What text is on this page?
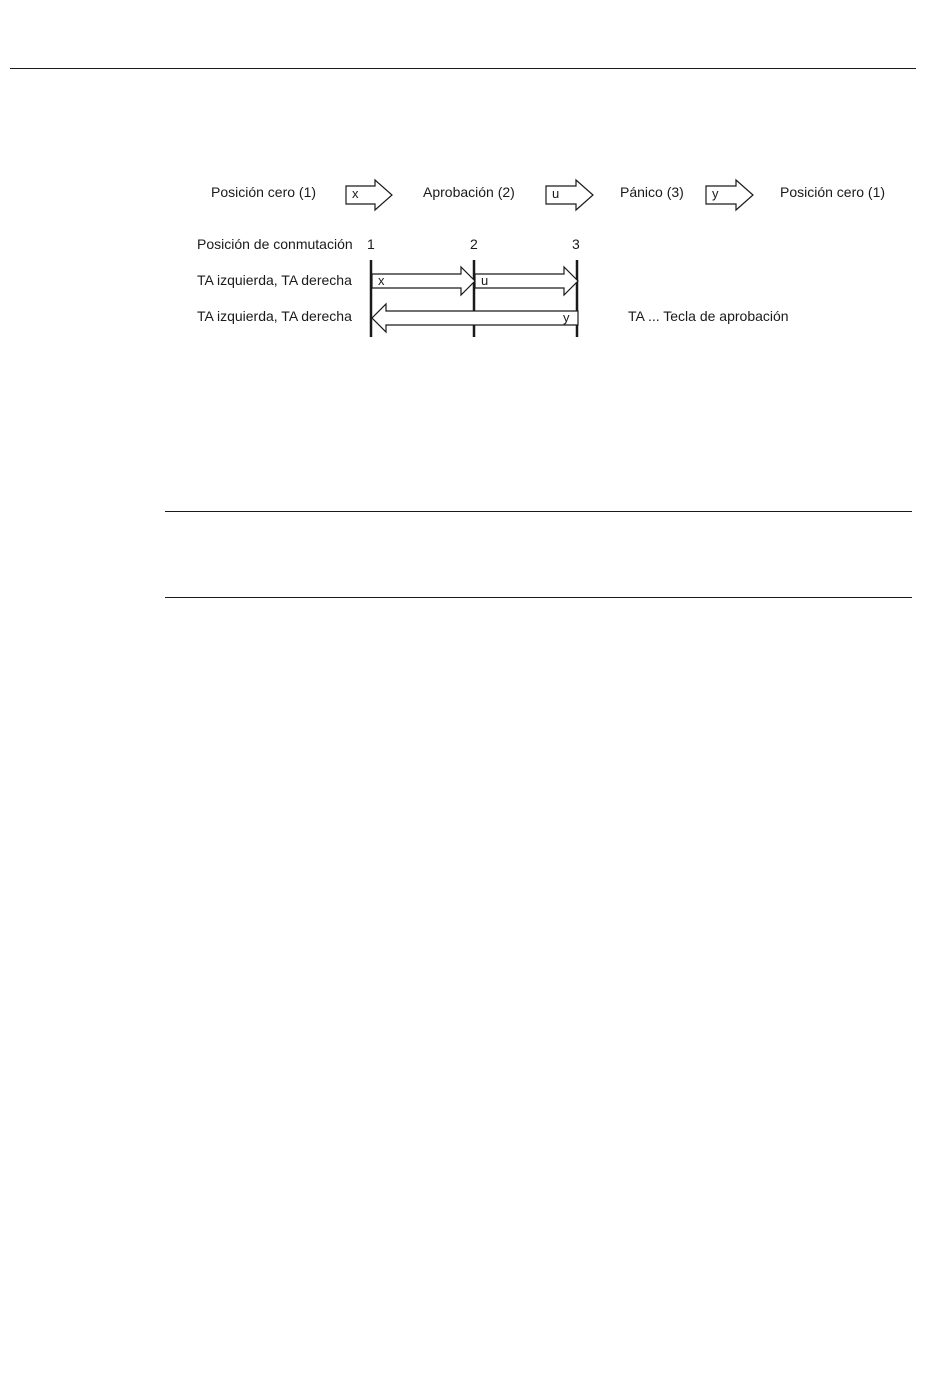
Posición cero (1)	x	Aprobación (2)	u	Pánico (3) y	Posición cero (1)
Posición de conmutación 1	2	3
TA izquierda, TA derecha x	u
TA izquierda, TA derecha	y	TA ... Tecla de aprobación
